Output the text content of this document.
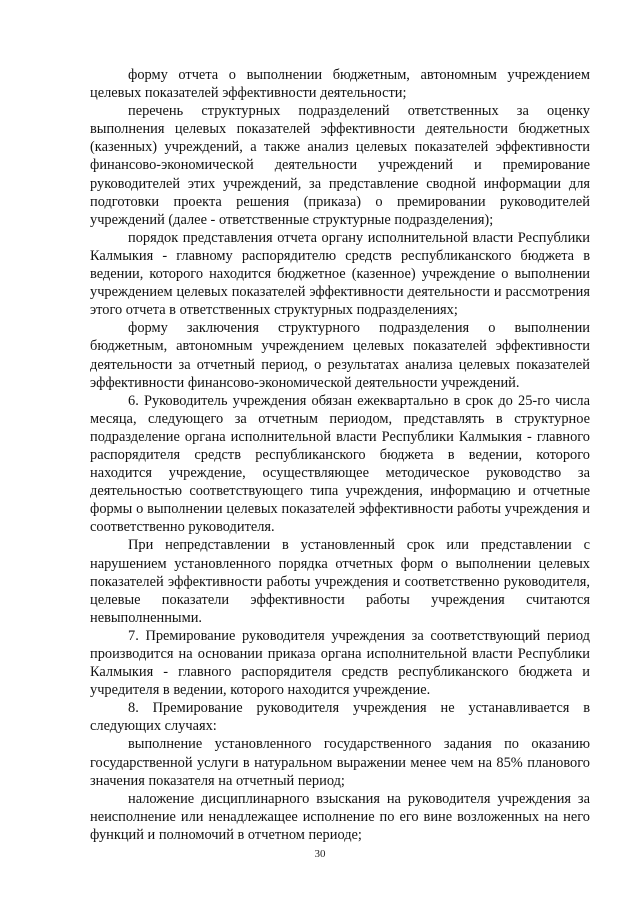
форму отчета о выполнении бюджетным, автономным учреждением целевых показателей эффективности деятельности;

перечень структурных подразделений ответственных за оценку выполнения целевых показателей эффективности деятельности бюджетных (казенных) учреждений, а также анализ целевых показателей эффективности финансово-экономической деятельности учреждений и премирование руководителей этих учреждений, за представление сводной информации для подготовки проекта решения (приказа) о премировании руководителей учреждений (далее - ответственные структурные подразделения);

порядок представления отчета органу исполнительной власти Республики Калмыкия - главному распорядителю средств республиканского бюджета в ведении, которого находится бюджетное (казенное) учреждение о выполнении учреждением целевых показателей эффективности деятельности и рассмотрения этого отчета в ответственных структурных подразделениях;

форму заключения структурного подразделения о выполнении бюджетным, автономным учреждением целевых показателей эффективности деятельности за отчетный период, о результатах анализа целевых показателей эффективности финансово-экономической деятельности учреждений.

6. Руководитель учреждения обязан ежеквартально в срок до 25-го числа месяца, следующего за отчетным периодом, представлять в структурное подразделение органа исполнительной власти Республики Калмыкия - главного распорядителя средств республиканского бюджета в ведении, которого находится учреждение, осуществляющее методическое руководство за деятельностью соответствующего типа учреждения, информацию и отчетные формы о выполнении целевых показателей эффективности работы учреждения и соответственно руководителя.

При непредставлении в установленный срок или представлении с нарушением установленного порядка отчетных форм о выполнении целевых показателей эффективности работы учреждения и соответственно руководителя, целевые показатели эффективности работы учреждения считаются невыполненными.

7. Премирование руководителя учреждения за соответствующий период производится на основании приказа органа исполнительной власти Республики Калмыкия - главного распорядителя средств республиканского бюджета и учредителя в ведении, которого находится учреждение.

8. Премирование руководителя учреждения не устанавливается в следующих случаях:

выполнение установленного государственного задания по оказанию государственной услуги в натуральном выражении менее чем на 85% планового значения показателя на отчетный период;

наложение дисциплинарного взыскания на руководителя учреждения за неисполнение или ненадлежащее исполнение по его вине возложенных на него функций и полномочий в отчетном периоде;

30
